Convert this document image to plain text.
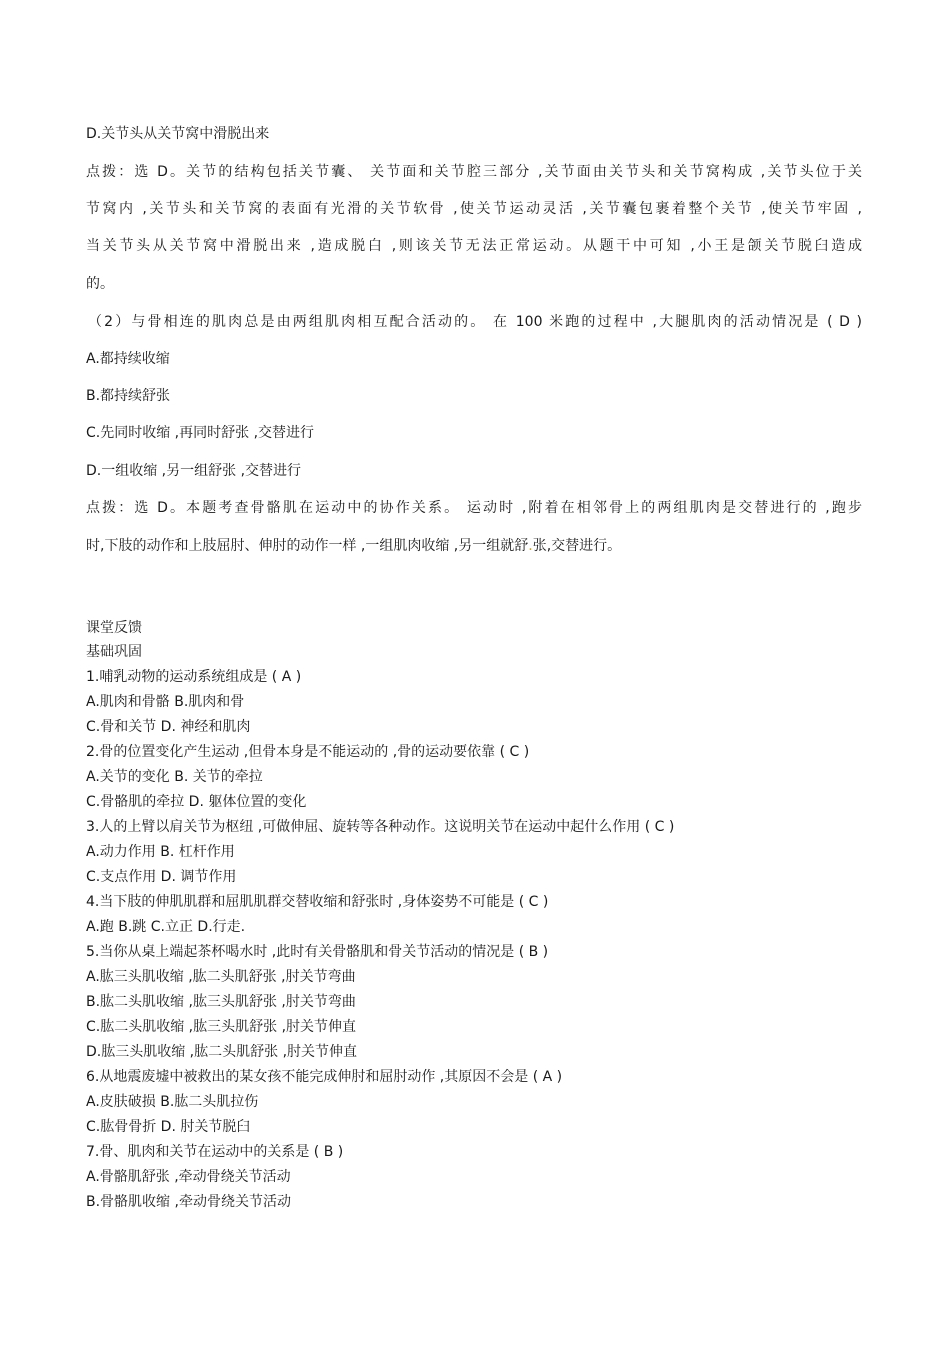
D.关节头从关节窝中滑脱出来
点拨：选 D。关节的结构包括关节囊、 关节面和关节腔三部分 ,关节面由关节头和关节窝构成 ,关节头位于关
节窝内 ,关节头和关节窝的表面有光滑的关节软骨 ,使关节运动灵活 ,关节囊包裹着整个关节 ,使关节牢固 ,
当关节头从关节窝中滑脱出来 ,造成脱白 ,则该关节无法正常运动。从题干中可知 ,小王是颌关节脱臼造成
的。
（2）与骨相连的肌肉总是由两组肌肉相互配合活动的。 在 100 米跑的过程中 ,大腿肌肉的活动情况是 ( D )
A.都持续收缩
B.都持续舒张
C.先同时收缩 ,再同时舒张 ,交替进行
D.一组收缩 ,另一组舒张 ,交替进行
点拨：选 D。本题考查骨骼肌在运动中的协作关系。 运动时 ,附着在相邻骨上的两组肌肉是交替进行的 ,跑步
时,下肢的动作和上肢屈肘、伸肘的动作一样 ,一组肌肉收缩 ,另一组就舒.张,交替进行。
课堂反馈
基础巩固
1.哺乳动物的运动系统组成是 ( A )
A.肌肉和骨骼 B.肌肉和骨
C.骨和关节 D. 神经和肌肉
2.骨的位置变化产生运动 ,但骨本身是不能运动的 ,骨的运动要依靠 ( C )
A.关节的变化 B. 关节的牵拉
C.骨骼肌的牵拉 D. 躯体位置的变化
3.人的上臂以肩关节为枢纽 ,可做伸屈、旋转等各种动作。这说明关节在运动中起什么作用 ( C )
A.动力作用 B. 杠杆作用
C.支点作用 D. 调节作用
4.当下肢的伸肌肌群和屈肌肌群交替收缩和舒张时 ,身体姿势不可能是 ( C )
A.跑 B.跳 C.立正 D.行走.
5.当你从桌上端起茶杯喝水时 ,此时有关骨骼肌和骨关节活动的情况是 ( B )
A.肱三头肌收缩 ,肱二头肌舒张 ,肘关节弯曲
B.肱二头肌收缩 ,肱三头肌舒张 ,肘关节弯曲
C.肱二头肌收缩 ,肱三头肌舒张 ,肘关节伸直
D.肱三头肌收缩 ,肱二头肌舒张 ,肘关节伸直
6.从地震废墟中被救出的某女孩不能完成伸肘和屈肘动作 ,其原因不会是 ( A )
A.皮肤破损 B.肱二头肌拉伤
C.肱骨骨折 D. 肘关节脱臼
7.骨、肌肉和关节在运动中的关系是 ( B )
A.骨骼肌舒张 ,牵动骨绕关节活动
B.骨骼肌收缩 ,牵动骨绕关节活动
